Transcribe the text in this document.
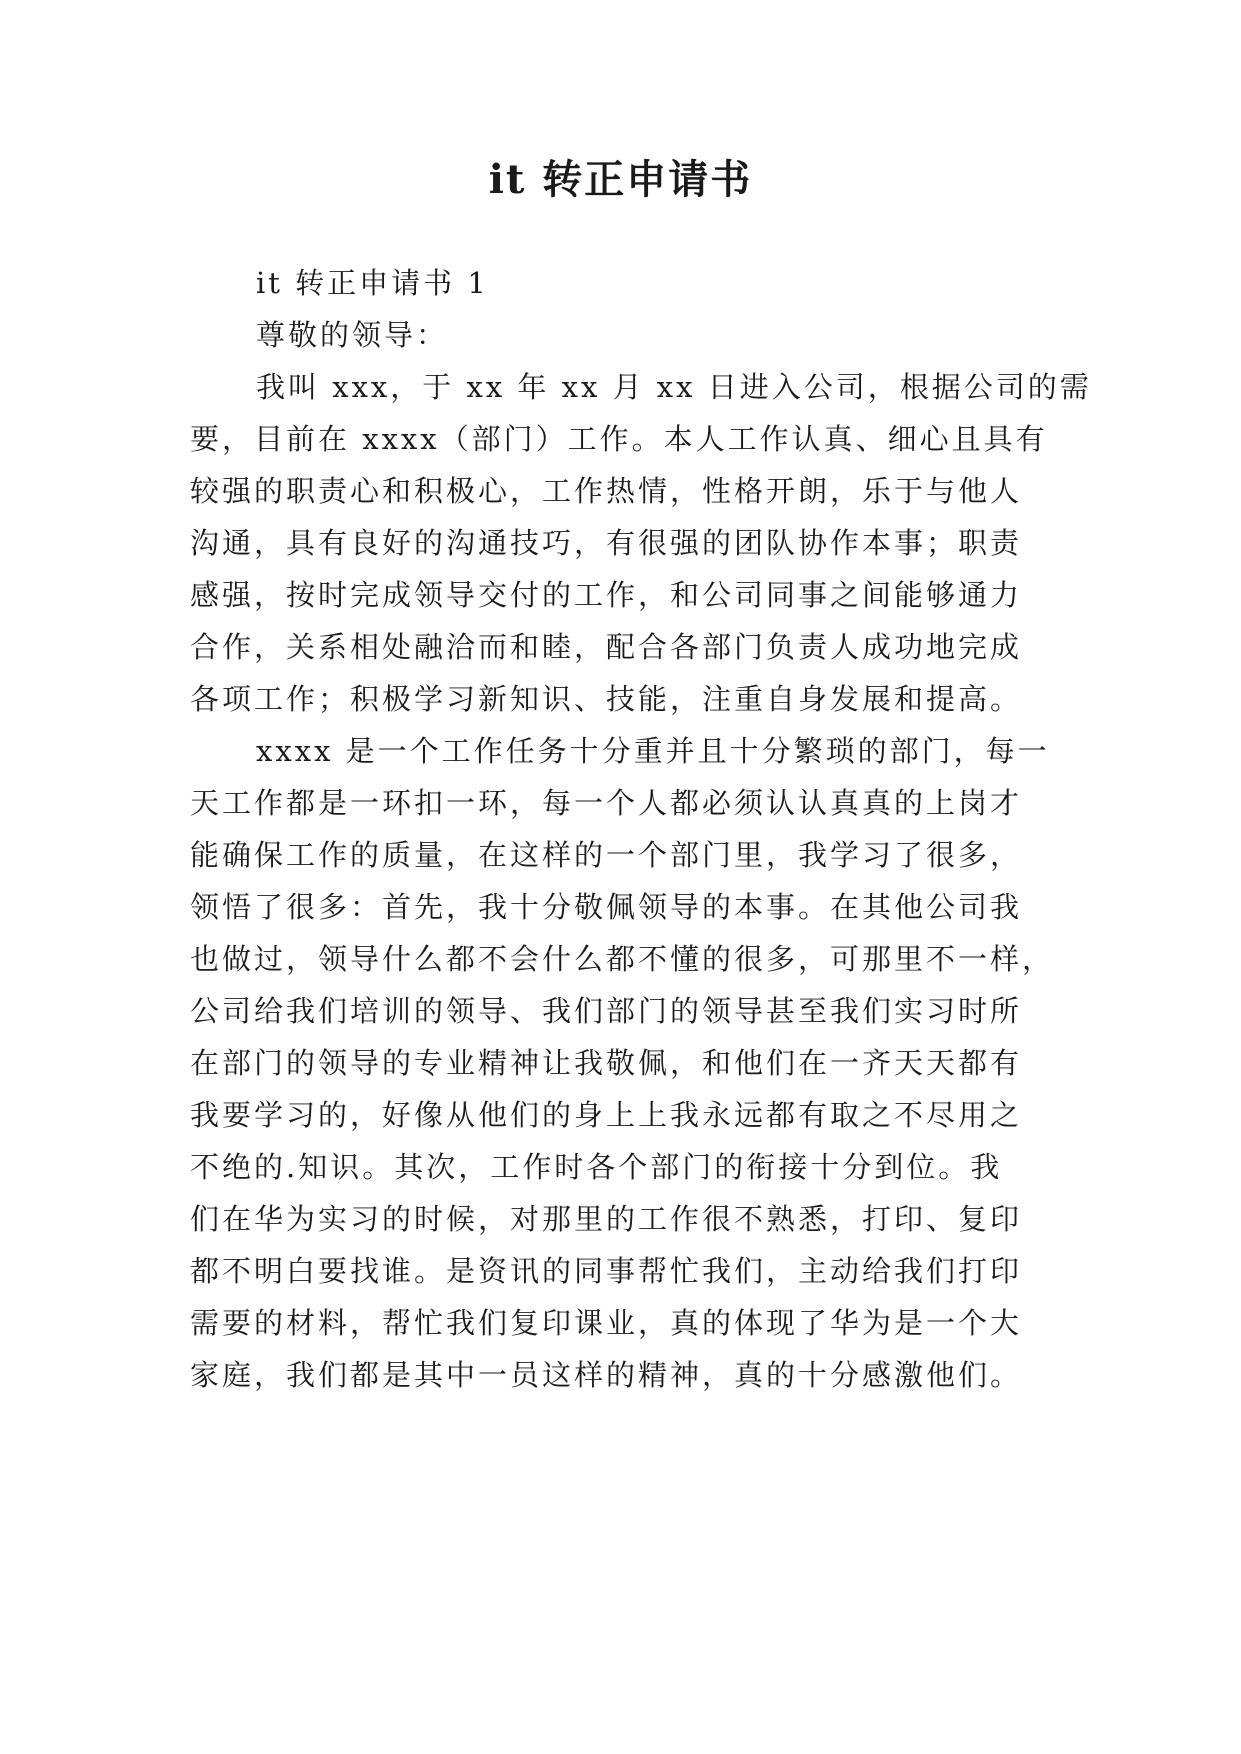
it 转正申请书

it 转正申请书 1

尊敬的领导：

我叫 xxx，于 xx 年 xx 月 xx 日进入公司，根据公司的需

要，目前在 xxxx（部门）工作。本人工作认真、细心且具有

较强的职责心和积极心，工作热情，性格开朗，乐于与他人

沟通，具有良好的沟通技巧，有很强的团队协作本事；职责

感强，按时完成领导交付的工作，和公司同事之间能够通力

合作，关系相处融洽而和睦，配合各部门负责人成功地完成

各项工作；积极学习新知识、技能，注重自身发展和提高。

xxxx 是一个工作任务十分重并且十分繁琐的部门，每一

天工作都是一环扣一环，每一个人都必须认认真真的上岗才

能确保工作的质量，在这样的一个部门里，我学习了很多，

领悟了很多：首先，我十分敬佩领导的本事。在其他公司我

也做过，领导什么都不会什么都不懂的很多，可那里不一样，

公司给我们培训的领导、我们部门的领导甚至我们实习时所

在部门的领导的专业精神让我敬佩，和他们在一齐天天都有

我要学习的，好像从他们的身上上我永远都有取之不尽用之

不绝的.知识。其次，工作时各个部门的衔接十分到位。我

们在华为实习的时候，对那里的工作很不熟悉，打印、复印

都不明白要找谁。是资讯的同事帮忙我们，主动给我们打印

需要的材料，帮忙我们复印课业，真的体现了华为是一个大

家庭，我们都是其中一员这样的精神，真的十分感激他们。
